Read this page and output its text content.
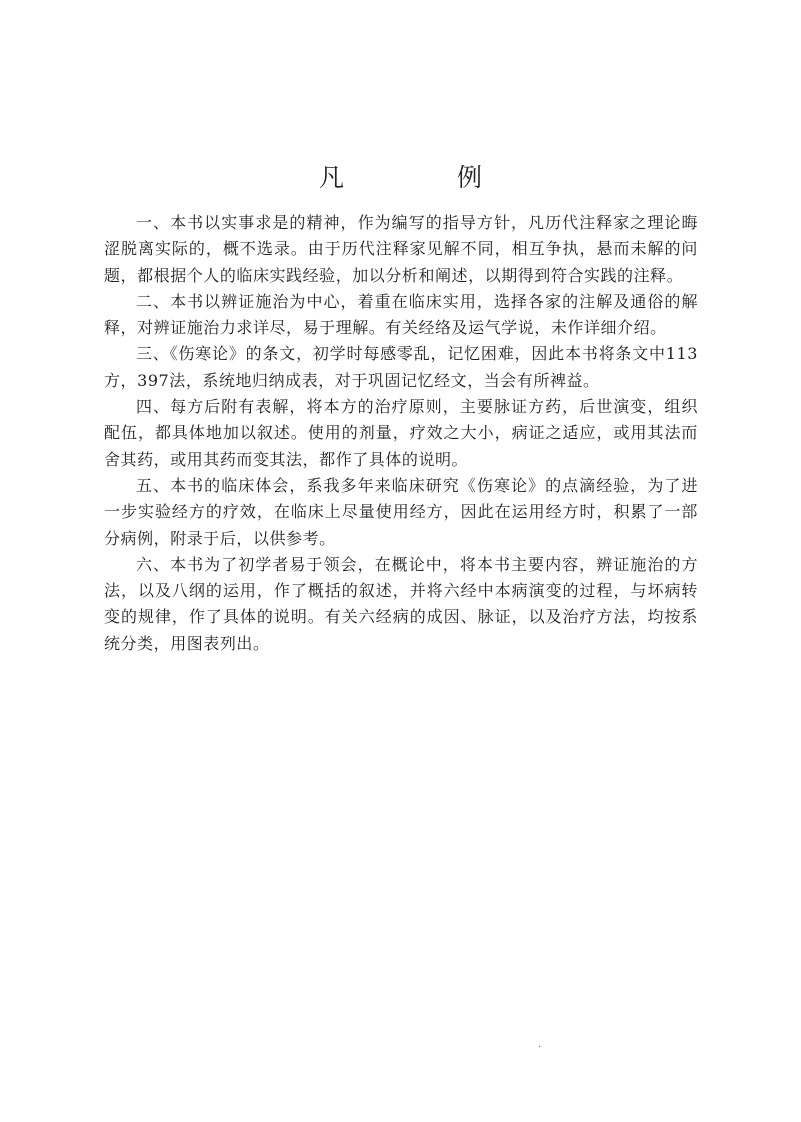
凡　例

一、本书以实事求是的精神，作为编写的指导方针，凡历代注释家之理论晦涩脱离实际的，概不选录。由于历代注释家见解不同，相互争执，悬而未解的问题，都根据个人的临床实践经验，加以分析和阐述，以期得到符合实践的注释。

二、本书以辨证施治为中心，着重在临床实用，选择各家的注解及通俗的解释，对辨证施治力求详尽，易于理解。有关经络及运气学说，未作详细介绍。

三、《伤寒论》的条文，初学时每感零乱，记忆困难，因此本书将条文中113方，397法，系统地归纳成表，对于巩固记忆经文，当会有所裨益。

四、每方后附有表解，将本方的治疗原则，主要脉证方药，后世演变，组织配伍，都具体地加以叙述。使用的剂量，疗效之大小，病证之适应，或用其法而舍其药，或用其药而变其法，都作了具体的说明。

五、本书的临床体会，系我多年来临床研究《伤寒论》的点滴经验，为了进一步实验经方的疗效，在临床上尽量使用经方，因此在运用经方时，积累了一部分病例，附录于后，以供参考。

六、本书为了初学者易于领会，在概论中，将本书主要内容，辨证施治的方法，以及八纲的运用，作了概括的叙述，并将六经中本病演变的过程，与坏病转变的规律，作了具体的说明。有关六经病的成因、脉证，以及治疗方法，均按系统分类，用图表列出。

·
